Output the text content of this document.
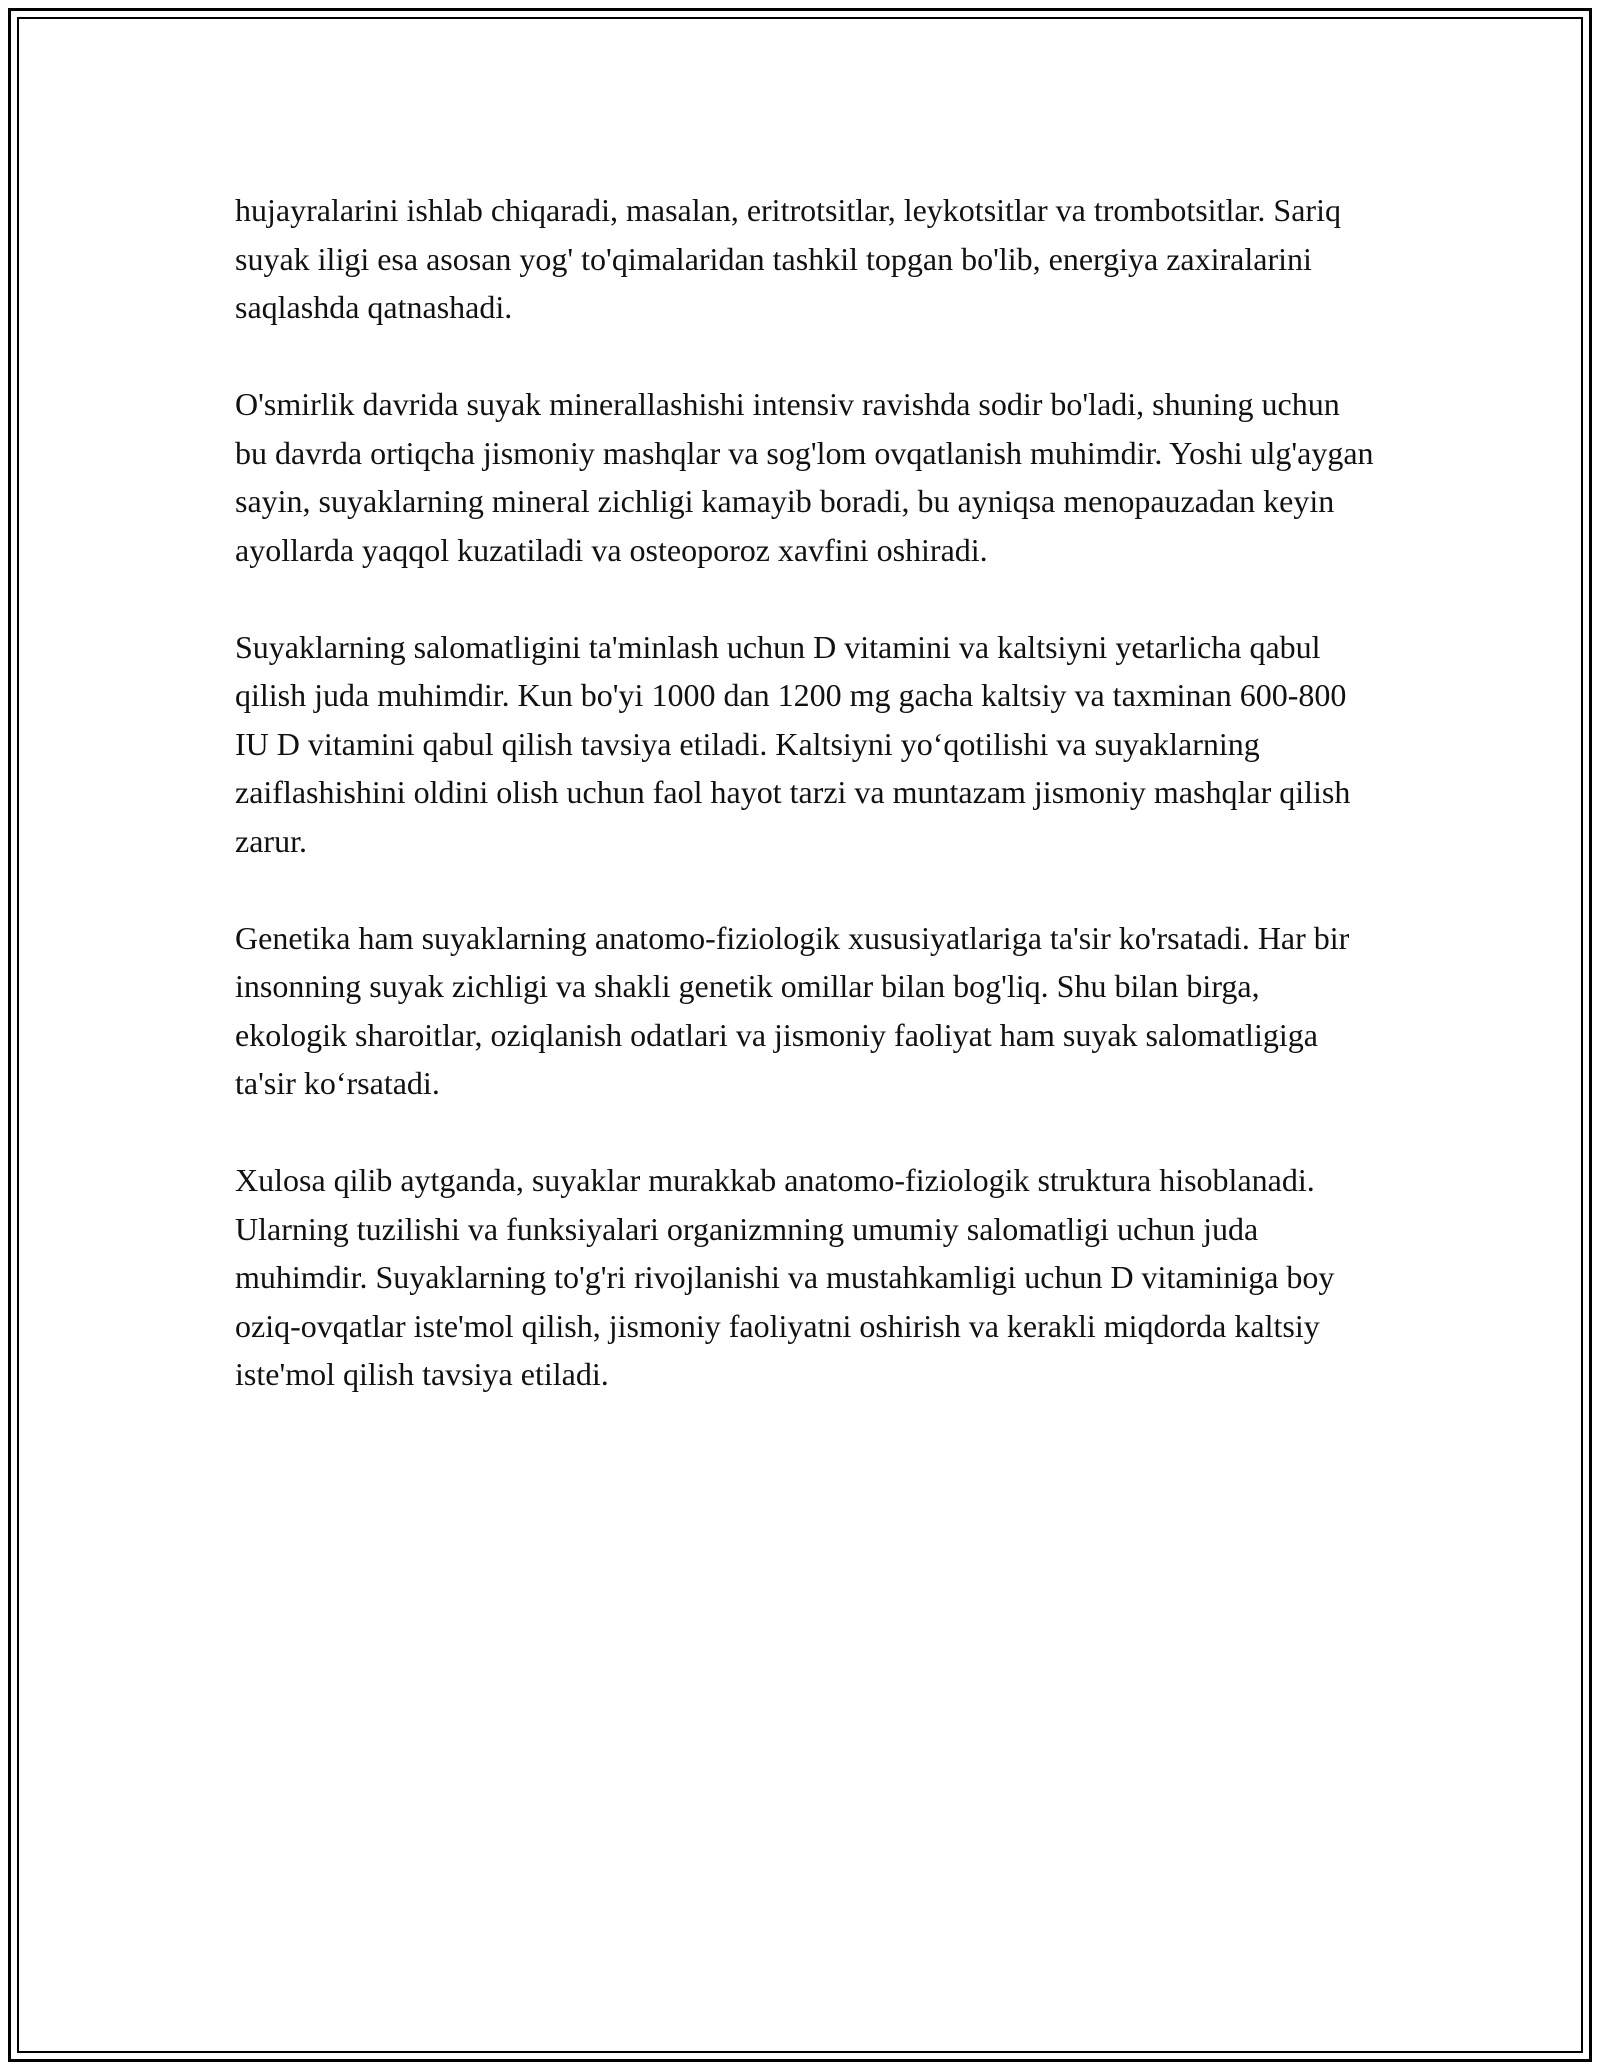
hujayralarini ishlab chiqaradi, masalan, eritrotsitlar, leykotsitlar va trombotsitlar. Sariq suyak iligi esa asosan yog' to'qimalaridan tashkil topgan bo'lib, energiya zaxiralarini saqlashda qatnashadi.

O'smirlik davrida suyak minerallashishi intensiv ravishda sodir bo'ladi, shuning uchun bu davrda ortiqcha jismoniy mashqlar va sog'lom ovqatlanish muhimdir. Yoshi ulg'aygan sayin, suyaklarning mineral zichligi kamayib boradi, bu ayniqsa menopauzadan keyin ayollarda yaqqol kuzatiladi va osteoporoz xavfini oshiradi.

Suyaklarning salomatligini ta'minlash uchun D vitamini va kaltsiyni yetarlicha qabul qilish juda muhimdir. Kun bo'yi 1000 dan 1200 mg gacha kaltsiy va taxminan 600-800 IU D vitamini qabul qilish tavsiya etiladi. Kaltsiyni yo‘qotilishi va suyaklarning zaiflashishini oldini olish uchun faol hayot tarzi va muntazam jismoniy mashqlar qilish zarur.

Genetika ham suyaklarning anatomo-fiziologik xususiyatlariga ta'sir ko'rsatadi. Har bir insonning suyak zichligi va shakli genetik omillar bilan bog'liq. Shu bilan birga, ekologik sharoitlar, oziqlanish odatlari va jismoniy faoliyat ham suyak salomatligiga ta'sir ko‘rsatadi.

Xulosa qilib aytganda, suyaklar murakkab anatomo-fiziologik struktura hisoblanadi. Ularning tuzilishi va funksiyalari organizmning umumiy salomatligi uchun juda muhimdir. Suyaklarning to'g'ri rivojlanishi va mustahkamligi uchun D vitaminiga boy oziq-ovqatlar iste'mol qilish, jismoniy faoliyatni oshirish va kerakli miqdorda kaltsiy iste'mol qilish tavsiya etiladi.
